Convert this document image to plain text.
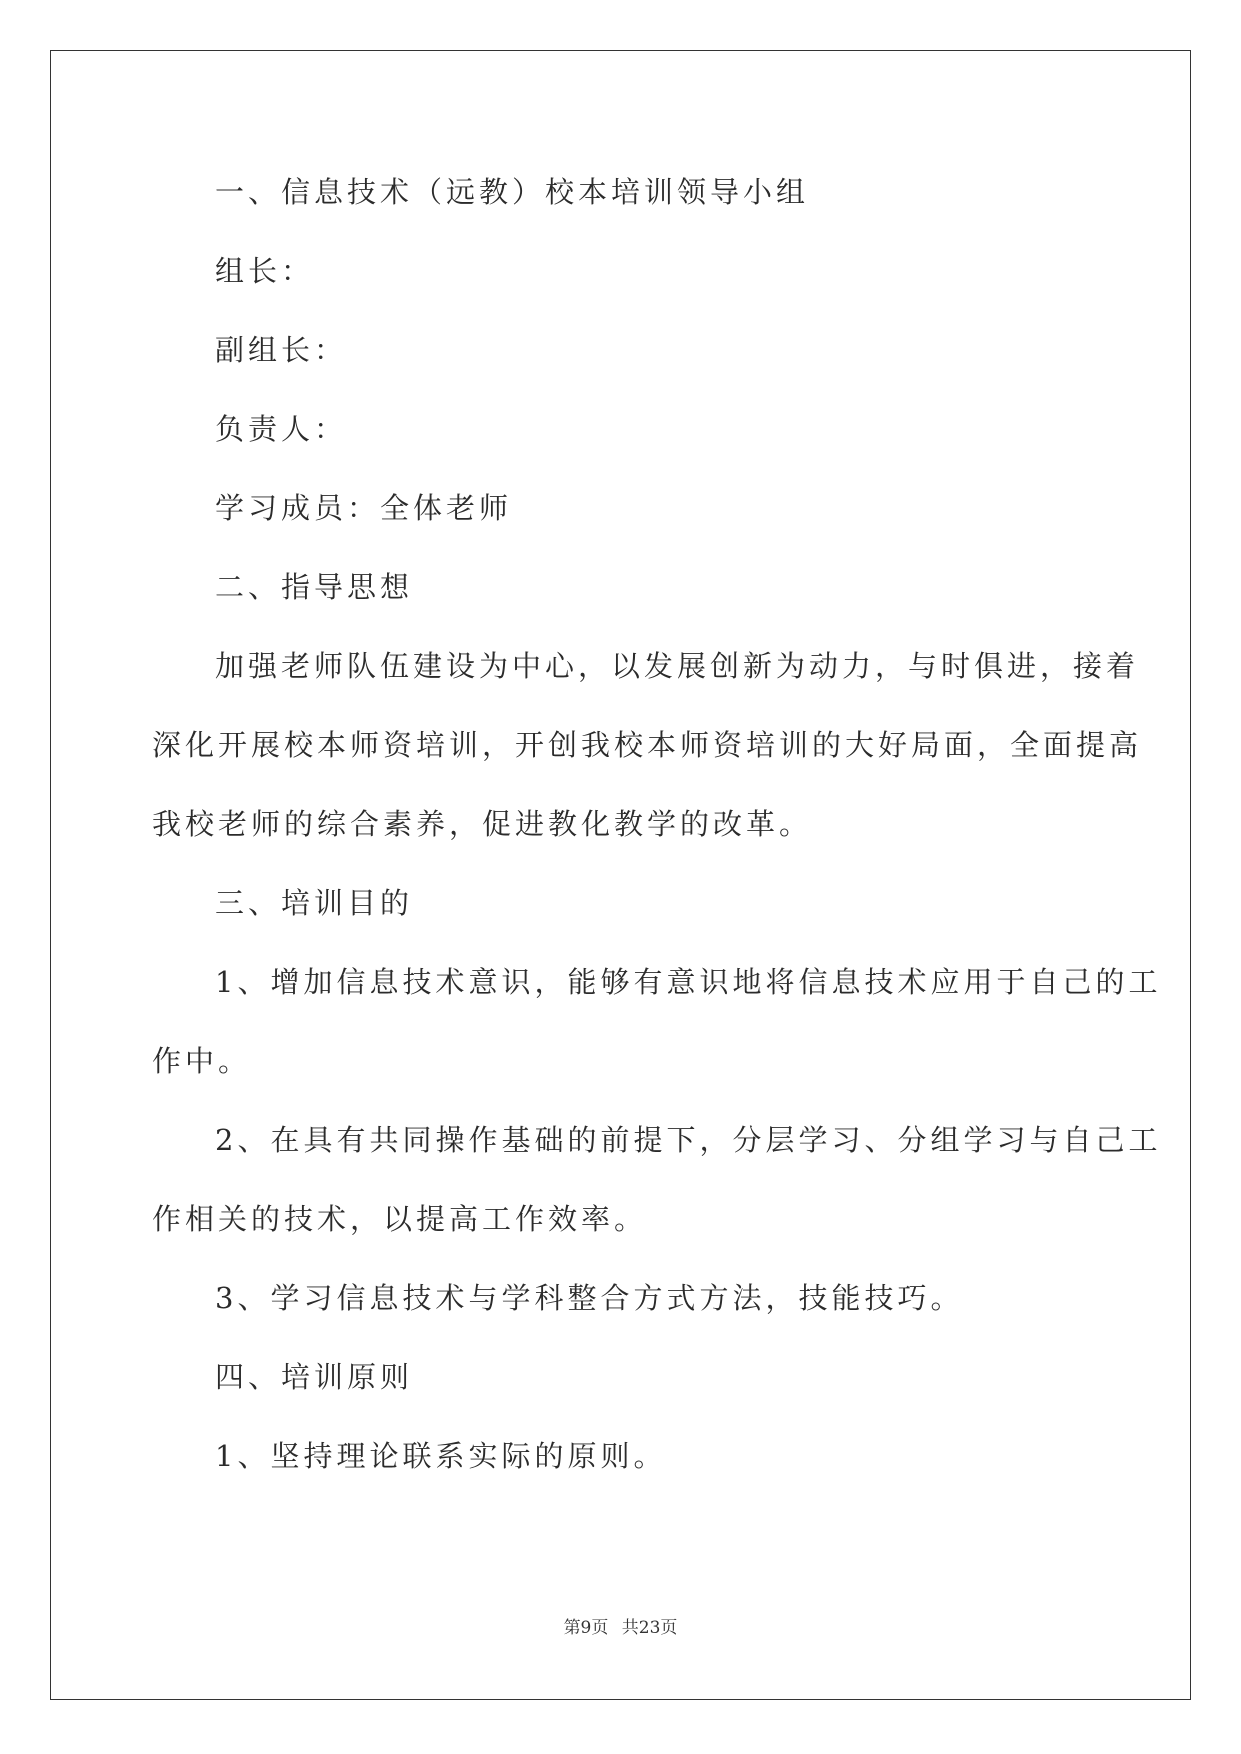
一、信息技术（远教）校本培训领导小组
组长：
副组长：
负责人：
学习成员：全体老师
二、指导思想
加强老师队伍建设为中心，以发展创新为动力，与时俱进，接着
深化开展校本师资培训，开创我校本师资培训的大好局面，全面提高
我校老师的综合素养，促进教化教学的改革。
三、培训目的
1、增加信息技术意识，能够有意识地将信息技术应用于自己的工
作中。
2、在具有共同操作基础的前提下，分层学习、分组学习与自己工
作相关的技术，以提高工作效率。
3、学习信息技术与学科整合方式方法，技能技巧。
四、培训原则
1、坚持理论联系实际的原则。
第9页 共23页
